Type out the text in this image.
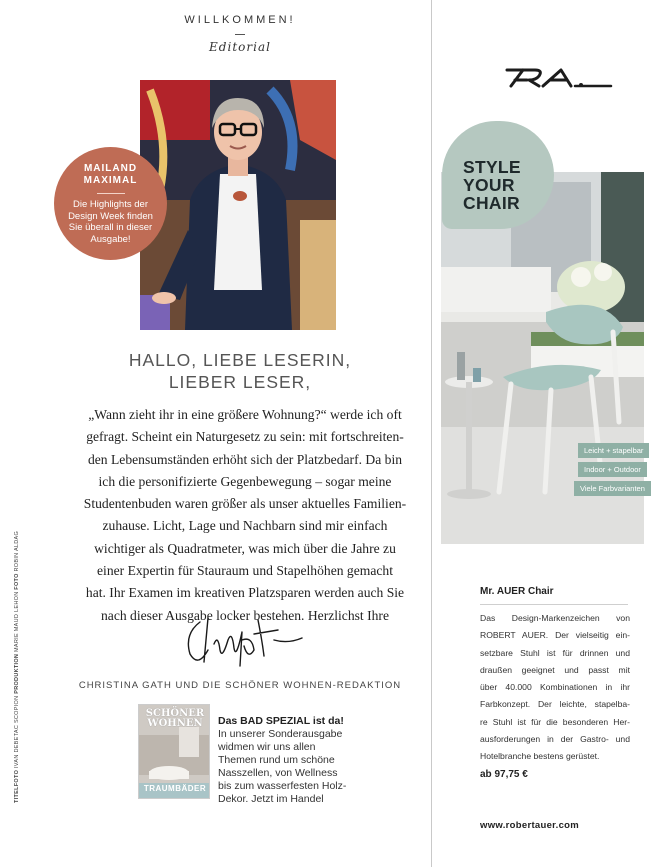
WILLKOMMEN!
Editorial
MAILAND
MAXIMAL
Die Highlights der
Design Week finden
Sie überall in dieser
Ausgabe!
HALLO, LIEBE LESERIN,
LIEBER LESER,
„Wann zieht ihr in eine größere Wohnung?“ werde ich oft
gefragt. Scheint ein Naturgesetz zu sein: mit fortschreiten-
den Lebensumständen erhöht sich der Platzbedarf. Da bin
ich die personifizierte Gegenbewegung – sogar meine
Studentenbuden waren größer als unser aktuelles Familien-
zuhause. Licht, Lage und Nachbarn sind mir einfach
wichtiger als Quadratmeter, was mich über die Jahre zu
einer Expertin für Stauraum und Stapelhöhen gemacht
hat. Ihr Examen im kreativen Platzsparen werden auch Sie
nach dieser Ausgabe locker bestehen. Herzlichst Ihre
CHRISTINA GATH UND DIE SCHÖNER WOHNEN-REDAKTION
SCHÖNER
WOHNEN
TRAUMBÄDER
Das BAD SPEZIAL ist da!
In unserer Sonderausgabe
widmen wir uns allen
Themen rund um schöne
Nasszellen, von Wellness
bis zum wasserfesten Holz-
Dekor. Jetzt im Handel
TITELFOTO IVAN DEBETAC SCOPION PRODUKTION MARIE MAUD LEHON FOTO ROBIN ALDAG
STYLE
YOUR
CHAIR
Leicht + stapelbar
Indoor + Outdoor
Viele Farbvarianten
Mr. AUER Chair
Das Design-Markenzeichen von
ROBERT AUER. Der vielseitig ein-
setzbare Stuhl ist für drinnen und
draußen geeignet und passt mit
über 40.000 Kombinationen in ihr
Farbkonzept. Der leichte, stapelba-
re Stuhl ist für die besonderen Her-
ausforderungen in der Gastro- und
Hotelbranche bestens gerüstet.
ab 97,75 €
www.robertauer.com
